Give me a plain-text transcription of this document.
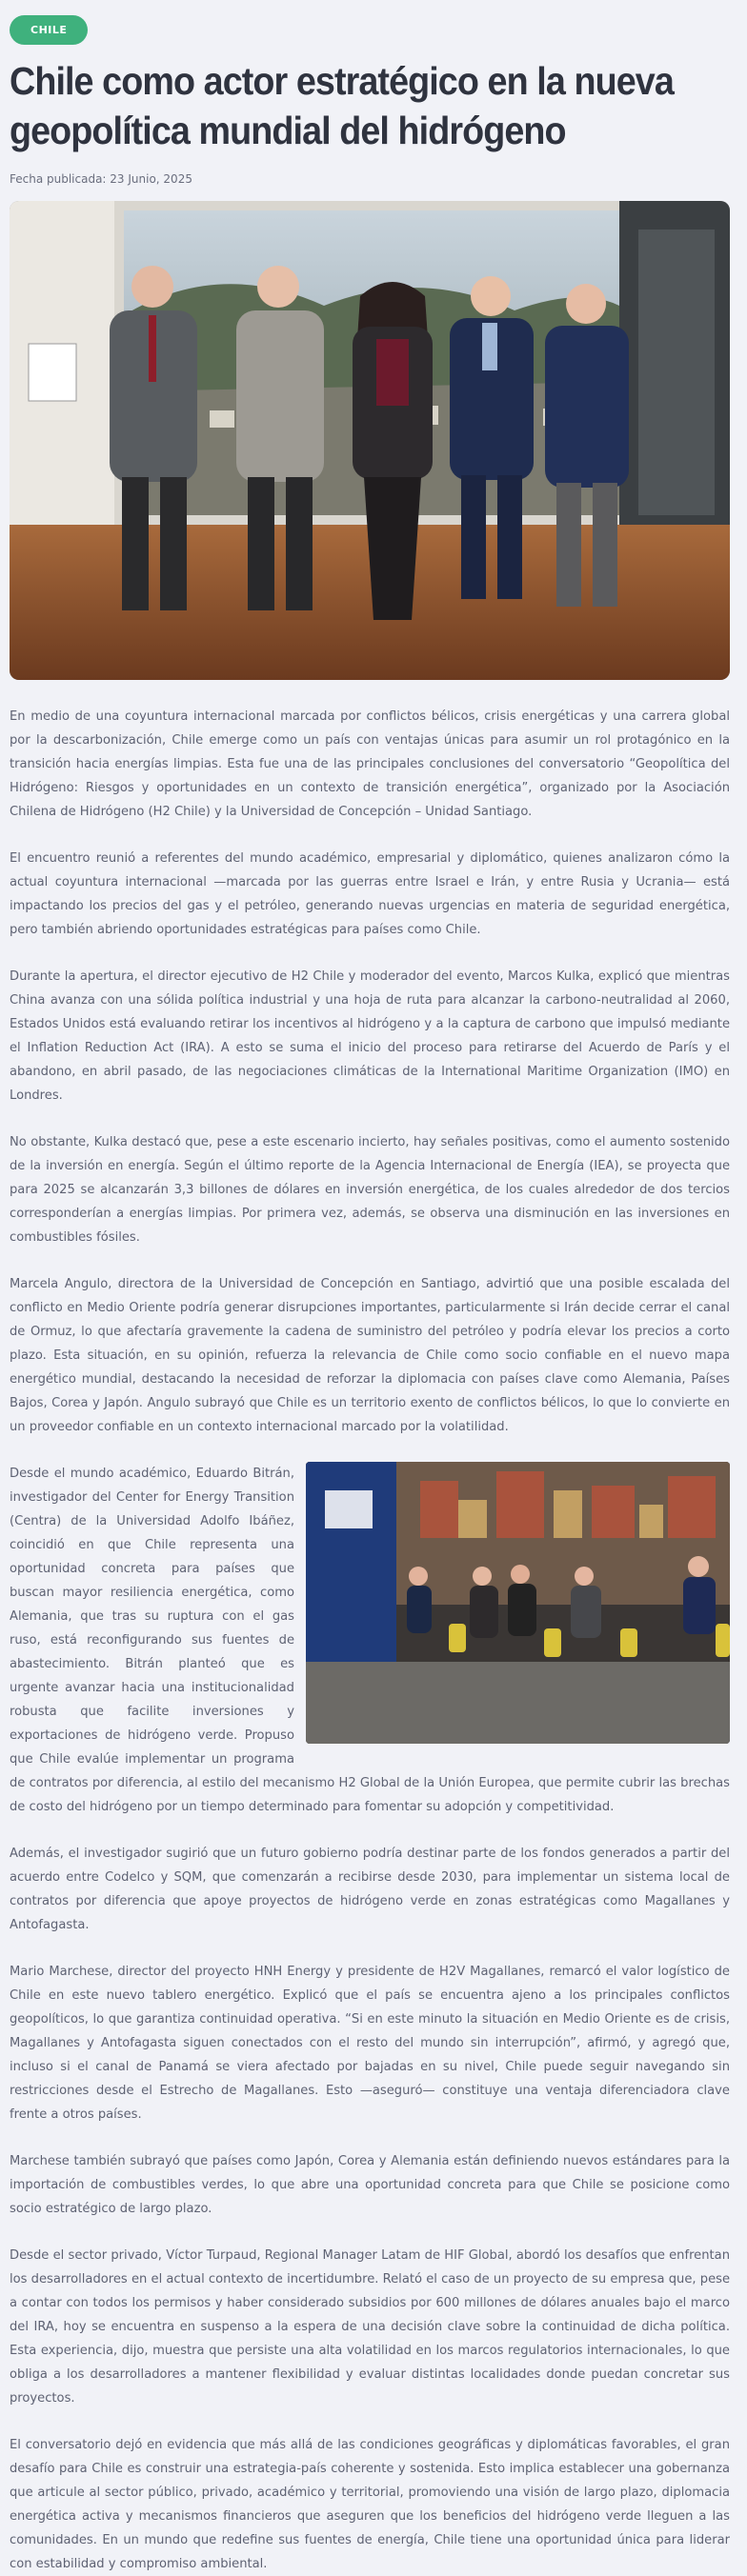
CHILE
Chile como actor estratégico en la nueva geopolítica mundial del hidrógeno
Fecha publicada: 23 Junio, 2025

En medio de una coyuntura internacional marcada por conflictos bélicos, crisis energéticas y una carrera global por la descarbonización, Chile emerge como un país con ventajas únicas para asumir un rol protagónico en la transición hacia energías limpias. Esta fue una de las principales conclusiones del conversatorio “Geopolítica del Hidrógeno: Riesgos y oportunidades en un contexto de transición energética”, organizado por la Asociación Chilena de Hidrógeno (H2 Chile) y la Universidad de Concepción – Unidad Santiago.

El encuentro reunió a referentes del mundo académico, empresarial y diplomático, quienes analizaron cómo la actual coyuntura internacional —marcada por las guerras entre Israel e Irán, y entre Rusia y Ucrania— está impactando los precios del gas y el petróleo, generando nuevas urgencias en materia de seguridad energética, pero también abriendo oportunidades estratégicas para países como Chile.

Durante la apertura, el director ejecutivo de H2 Chile y moderador del evento, Marcos Kulka, explicó que mientras China avanza con una sólida política industrial y una hoja de ruta para alcanzar la carbono-neutralidad al 2060, Estados Unidos está evaluando retirar los incentivos al hidrógeno y a la captura de carbono que impulsó mediante el Inflation Reduction Act (IRA). A esto se suma el inicio del proceso para retirarse del Acuerdo de París y el abandono, en abril pasado, de las negociaciones climáticas de la International Maritime Organization (IMO) en Londres.

No obstante, Kulka destacó que, pese a este escenario incierto, hay señales positivas, como el aumento sostenido de la inversión en energía. Según el último reporte de la Agencia Internacional de Energía (IEA), se proyecta que para 2025 se alcanzarán 3,3 billones de dólares en inversión energética, de los cuales alrededor de dos tercios corresponderían a energías limpias. Por primera vez, además, se observa una disminución en las inversiones en combustibles fósiles.

Marcela Angulo, directora de la Universidad de Concepción en Santiago, advirtió que una posible escalada del conflicto en Medio Oriente podría generar disrupciones importantes, particularmente si Irán decide cerrar el canal de Ormuz, lo que afectaría gravemente la cadena de suministro del petróleo y podría elevar los precios a corto plazo. Esta situación, en su opinión, refuerza la relevancia de Chile como socio confiable en el nuevo mapa energético mundial, destacando la necesidad de reforzar la diplomacia con países clave como Alemania, Países Bajos, Corea y Japón. Angulo subrayó que Chile es un territorio exento de conflictos bélicos, lo que lo convierte en un proveedor confiable en un contexto internacional marcado por la volatilidad.

Desde el mundo académico, Eduardo Bitrán, investigador del Center for Energy Transition (Centra) de la Universidad Adolfo Ibáñez, coincidió en que Chile representa una oportunidad concreta para países que buscan mayor resiliencia energética, como Alemania, que tras su ruptura con el gas ruso, está reconfigurando sus fuentes de abastecimiento. Bitrán planteó que es urgente avanzar hacia una institucionalidad robusta que facilite inversiones y exportaciones de hidrógeno verde. Propuso que Chile evalúe implementar un programa de contratos por diferencia, al estilo del mecanismo H2 Global de la Unión Europea, que permite cubrir las brechas de costo del hidrógeno por un tiempo determinado para fomentar su adopción y competitividad.

Además, el investigador sugirió que un futuro gobierno podría destinar parte de los fondos generados a partir del acuerdo entre Codelco y SQM, que comenzarán a recibirse desde 2030, para implementar un sistema local de contratos por diferencia que apoye proyectos de hidrógeno verde en zonas estratégicas como Magallanes y Antofagasta.

Mario Marchese, director del proyecto HNH Energy y presidente de H2V Magallanes, remarcó el valor logístico de Chile en este nuevo tablero energético. Explicó que el país se encuentra ajeno a los principales conflictos geopolíticos, lo que garantiza continuidad operativa. “Si en este minuto la situación en Medio Oriente es de crisis, Magallanes y Antofagasta siguen conectados con el resto del mundo sin interrupción”, afirmó, y agregó que, incluso si el canal de Panamá se viera afectado por bajadas en su nivel, Chile puede seguir navegando sin restricciones desde el Estrecho de Magallanes. Esto —aseguró— constituye una ventaja diferenciadora clave frente a otros países.

Marchese también subrayó que países como Japón, Corea y Alemania están definiendo nuevos estándares para la importación de combustibles verdes, lo que abre una oportunidad concreta para que Chile se posicione como socio estratégico de largo plazo.

Desde el sector privado, Víctor Turpaud, Regional Manager Latam de HIF Global, abordó los desafíos que enfrentan los desarrolladores en el actual contexto de incertidumbre. Relató el caso de un proyecto de su empresa que, pese a contar con todos los permisos y haber considerado subsidios por 600 millones de dólares anuales bajo el marco del IRA, hoy se encuentra en suspenso a la espera de una decisión clave sobre la continuidad de dicha política. Esta experiencia, dijo, muestra que persiste una alta volatilidad en los marcos regulatorios internacionales, lo que obliga a los desarrolladores a mantener flexibilidad y evaluar distintas localidades donde puedan concretar sus proyectos.

El conversatorio dejó en evidencia que más allá de las condiciones geográficas y diplomáticas favorables, el gran desafío para Chile es construir una estrategia-país coherente y sostenida. Esto implica establecer una gobernanza que articule al sector público, privado, académico y territorial, promoviendo una visión de largo plazo, diplomacia energética activa y mecanismos financieros que aseguren que los beneficios del hidrógeno verde lleguen a las comunidades. En un mundo que redefine sus fuentes de energía, Chile tiene una oportunidad única para liderar con estabilidad y compromiso ambiental.
